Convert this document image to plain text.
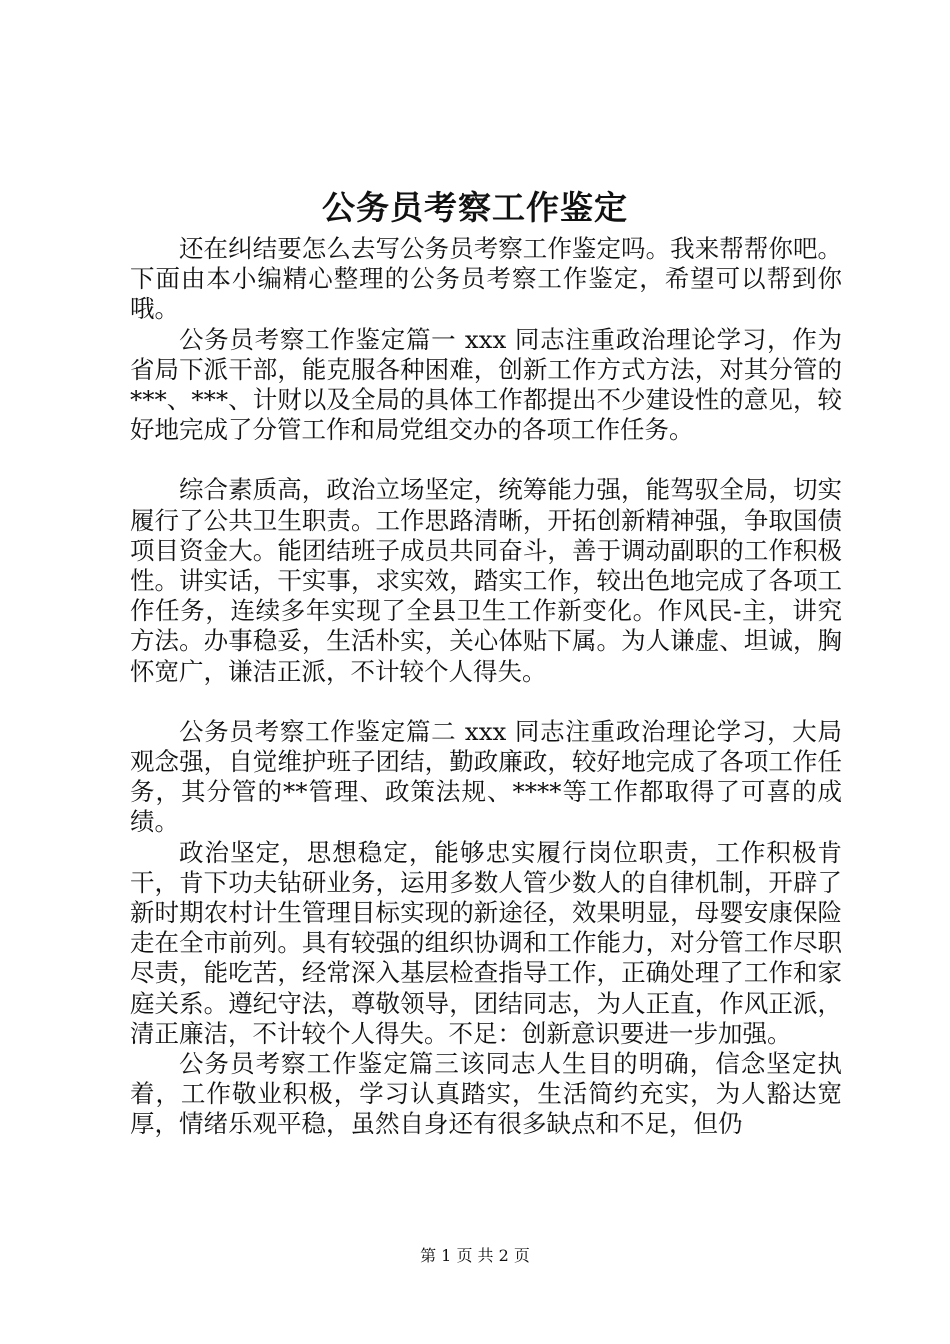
公务员考察工作鉴定

还在纠结要怎么去写公务员考察工作鉴定吗。我来帮帮你吧。下面由本小编精心整理的公务员考察工作鉴定，希望可以帮到你哦。

公务员考察工作鉴定篇一 xxx 同志注重政治理论学习，作为省局下派干部，能克服各种困难，创新工作方式方法，对其分管的***、***、计财以及全局的具体工作都提出不少建设性的意见，较好地完成了分管工作和局党组交办的各项工作任务。

综合素质高，政治立场坚定，统筹能力强，能驾驭全局，切实履行了公共卫生职责。工作思路清晰，开拓创新精神强，争取国债项目资金大。能团结班子成员共同奋斗，善于调动副职的工作积极性。讲实话，干实事，求实效，踏实工作，较出色地完成了各项工作任务，连续多年实现了全县卫生工作新变化。作风民-主，讲究方法。办事稳妥，生活朴实，关心体贴下属。为人谦虚、坦诚，胸怀宽广，谦洁正派，不计较个人得失。

公务员考察工作鉴定篇二 xxx 同志注重政治理论学习，大局观念强，自觉维护班子团结，勤政廉政，较好地完成了各项工作任务，其分管的**管理、政策法规、****等工作都取得了可喜的成绩。

政治坚定，思想稳定，能够忠实履行岗位职责，工作积极肯干，肯下功夫钻研业务，运用多数人管少数人的自律机制，开辟了新时期农村计生管理目标实现的新途径，效果明显，母婴安康保险走在全市前列。具有较强的组织协调和工作能力，对分管工作尽职尽责，能吃苦，经常深入基层检查指导工作，正确处理了工作和家庭关系。遵纪守法，尊敬领导，团结同志，为人正直，作风正派，清正廉洁，不计较个人得失。不足：创新意识要进一步加强。

公务员考察工作鉴定篇三该同志人生目的明确，信念坚定执着，工作敬业积极，学习认真踏实，生活简约充实，为人豁达宽厚，情绪乐观平稳，虽然自身还有很多缺点和不足，但仍

第 1 页 共 2 页
